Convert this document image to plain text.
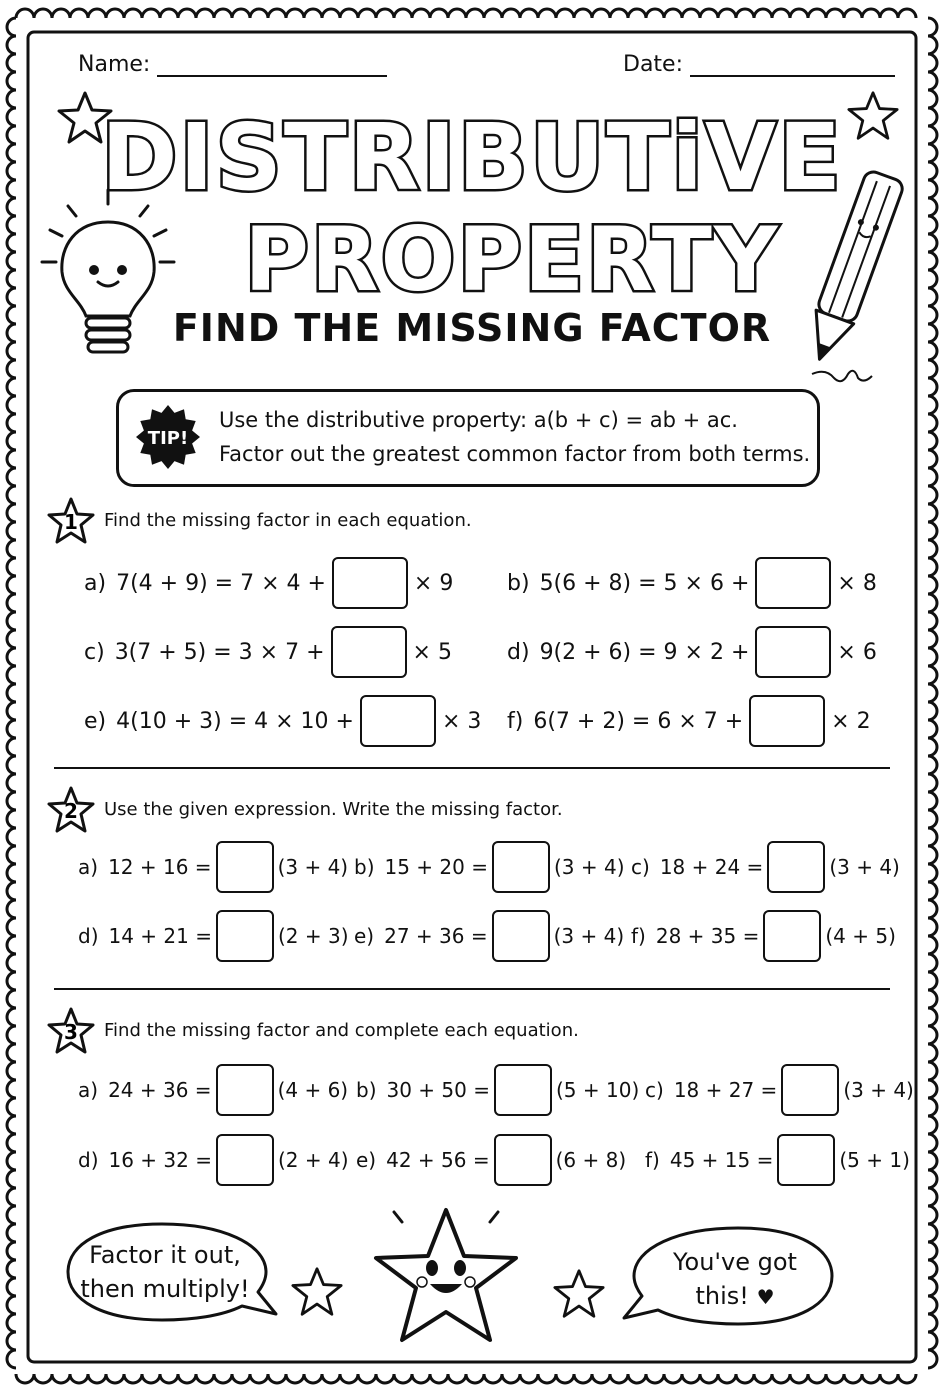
Name:	Date:
DISTRIBUTiVE
PROPERTY
FIND THE MISSING FACTOR
TIP!
Use the distributive property: a(b + c) = ab + ac.
Factor out the greatest common factor from both terms.
1 Find the missing factor in each equation.
a) 7(4 + 9) = 7 × 4 +	× 9 b) 5(6 + 8) = 5 × 6 +	× 8
c) 3(7 + 5) = 3 × 7 +	× 5	d) 9(2 + 6) = 9 × 2 +	× 6
e) 4(10 + 3) = 4 × 10 +	× 3 f) 6(7 + 2) = 6 × 7 +	× 2
2 Use the given expression. Write the missing factor.
a) 12 + 16 =	(3 + 4) b) 15 + 20 =	(3 + 4) c) 18 + 24 =	(3 + 4)
d) 14 + 21 =	(2 + 3) e) 27 + 36 =	(3 + 4) f) 28 + 35 =	(4 + 5)
3 Find the missing factor and complete each equation.
a) 24 + 36 =	(4 + 6) b) 30 + 50 =	(5 + 10) c) 18 + 27 =	(3 + 4)
d) 16 + 32 =	(2 + 4) e) 42 + 56 =	(6 + 8) f) 45 + 15 =	(5 + 1)
Factor it out,
then multiply!
You've got
this! ♥
